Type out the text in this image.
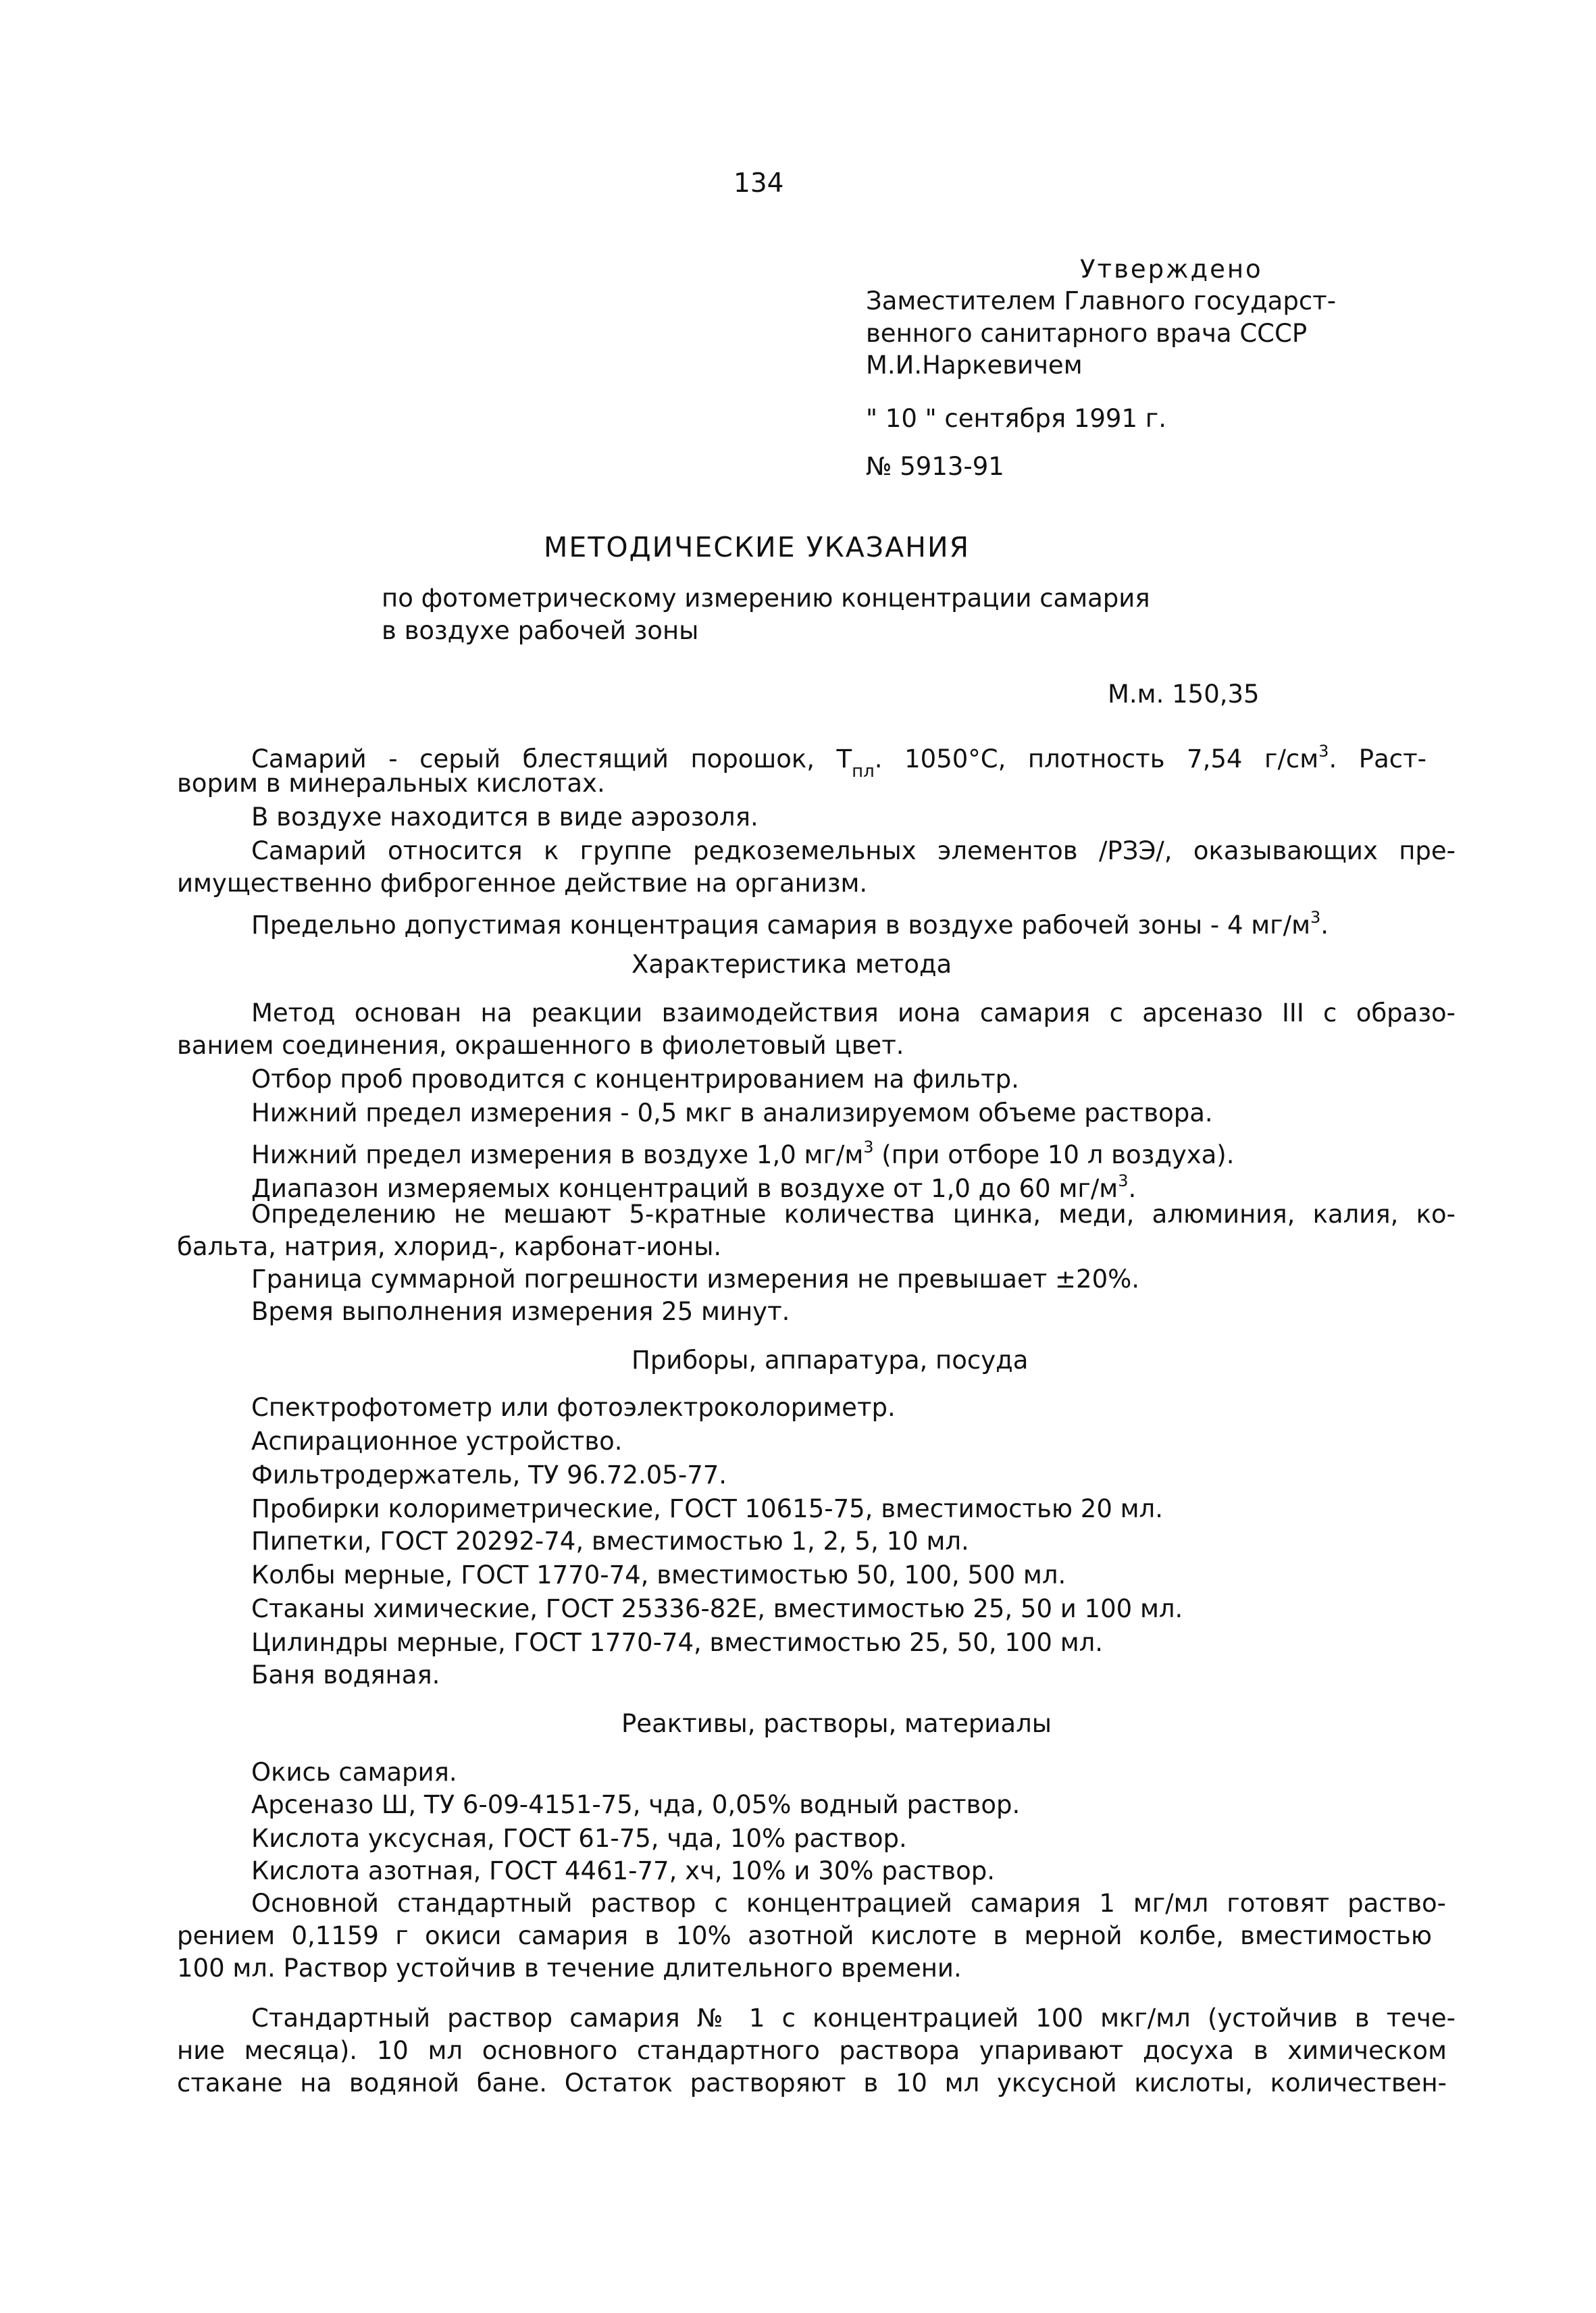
134
Утверждено
Заместителем Главного государст-
венного санитарного врача СССР
М.И.Наркевичем
" 10 " сентября 1991 г.
№ 5913-91
МЕТОДИЧЕСКИЕ УКАЗАНИЯ
по фотометрическому измерению концентрации самария
в воздухе рабочей зоны
М.м. 150,35
Самарий - серый блестящий порошок, $Т_{пл}$. 1050°С, плотность 7,54 $г/см^3$. Раст-
ворим в минеральных кислотах.
В воздухе находится в виде аэрозоля.
Самарий относится к группе редкоземельных элементов /РЗЭ/, оказывающих пре-
имущественно фиброгенное действие на организм.
Предельно допустимая концентрация самария в воздухе рабочей зоны - 4 $мг/м^3$.
Характеристика метода
Метод основан на реакции взаимодействия иона самария с арсеназо III с образо-
ванием соединения, окрашенного в фиолетовый цвет.
Отбор проб проводится с концентрированием на фильтр.
Нижний предел измерения - 0,5 мкг в анализируемом объеме раствора.
Нижний предел измерения в воздухе 1,0 $мг/м^3$ (при отборе 10 л воздуха).
Диапазон измеряемых концентраций в воздухе от 1,0 до 60 $мг/м^3$.
Определению не мешают 5-кратные количества цинка, меди, алюминия, калия, ко-
бальта, натрия, хлорид-, карбонат-ионы.
Граница суммарной погрешности измерения не превышает ±20%.
Время выполнения измерения 25 минут.
Приборы, аппаратура, посуда
Спектрофотометр или фотоэлектроколориметр.
Аспирационное устройство.
Фильтродержатель, ТУ 96.72.05-77.
Пробирки колориметрические, ГОСТ 10615-75, вместимостью 20 мл.
Пипетки, ГОСТ 20292-74, вместимостью 1, 2, 5, 10 мл.
Колбы мерные, ГОСТ 1770-74, вместимостью 50, 100, 500 мл.
Стаканы химические, ГОСТ 25336-82Е, вместимостью 25, 50 и 100 мл.
Цилиндры мерные, ГОСТ 1770-74, вместимостью 25, 50, 100 мл.
Баня водяная.
Реактивы, растворы, материалы
Окись самария.
Арсеназо Ш, ТУ 6-09-4151-75, чда, 0,05% водный раствор.
Кислота уксусная, ГОСТ 61-75, чда, 10% раствор.
Кислота азотная, ГОСТ 4461-77, хч, 10% и 30% раствор.
Основной стандартный раствор с концентрацией самария 1 мг/мл готовят раство-
рением 0,1159 г окиси самария в 10% азотной кислоте в мерной колбе, вместимостью
100 мл. Раствор устойчив в течение длительного времени.
Стандартный раствор самария № 1 с концентрацией 100 мкг/мл (устойчив в тече-
ние месяца). 10 мл основного стандартного раствора упаривают досуха в химическом
стакане на водяной бане. Остаток растворяют в 10 мл уксусной кислоты, количествен-
